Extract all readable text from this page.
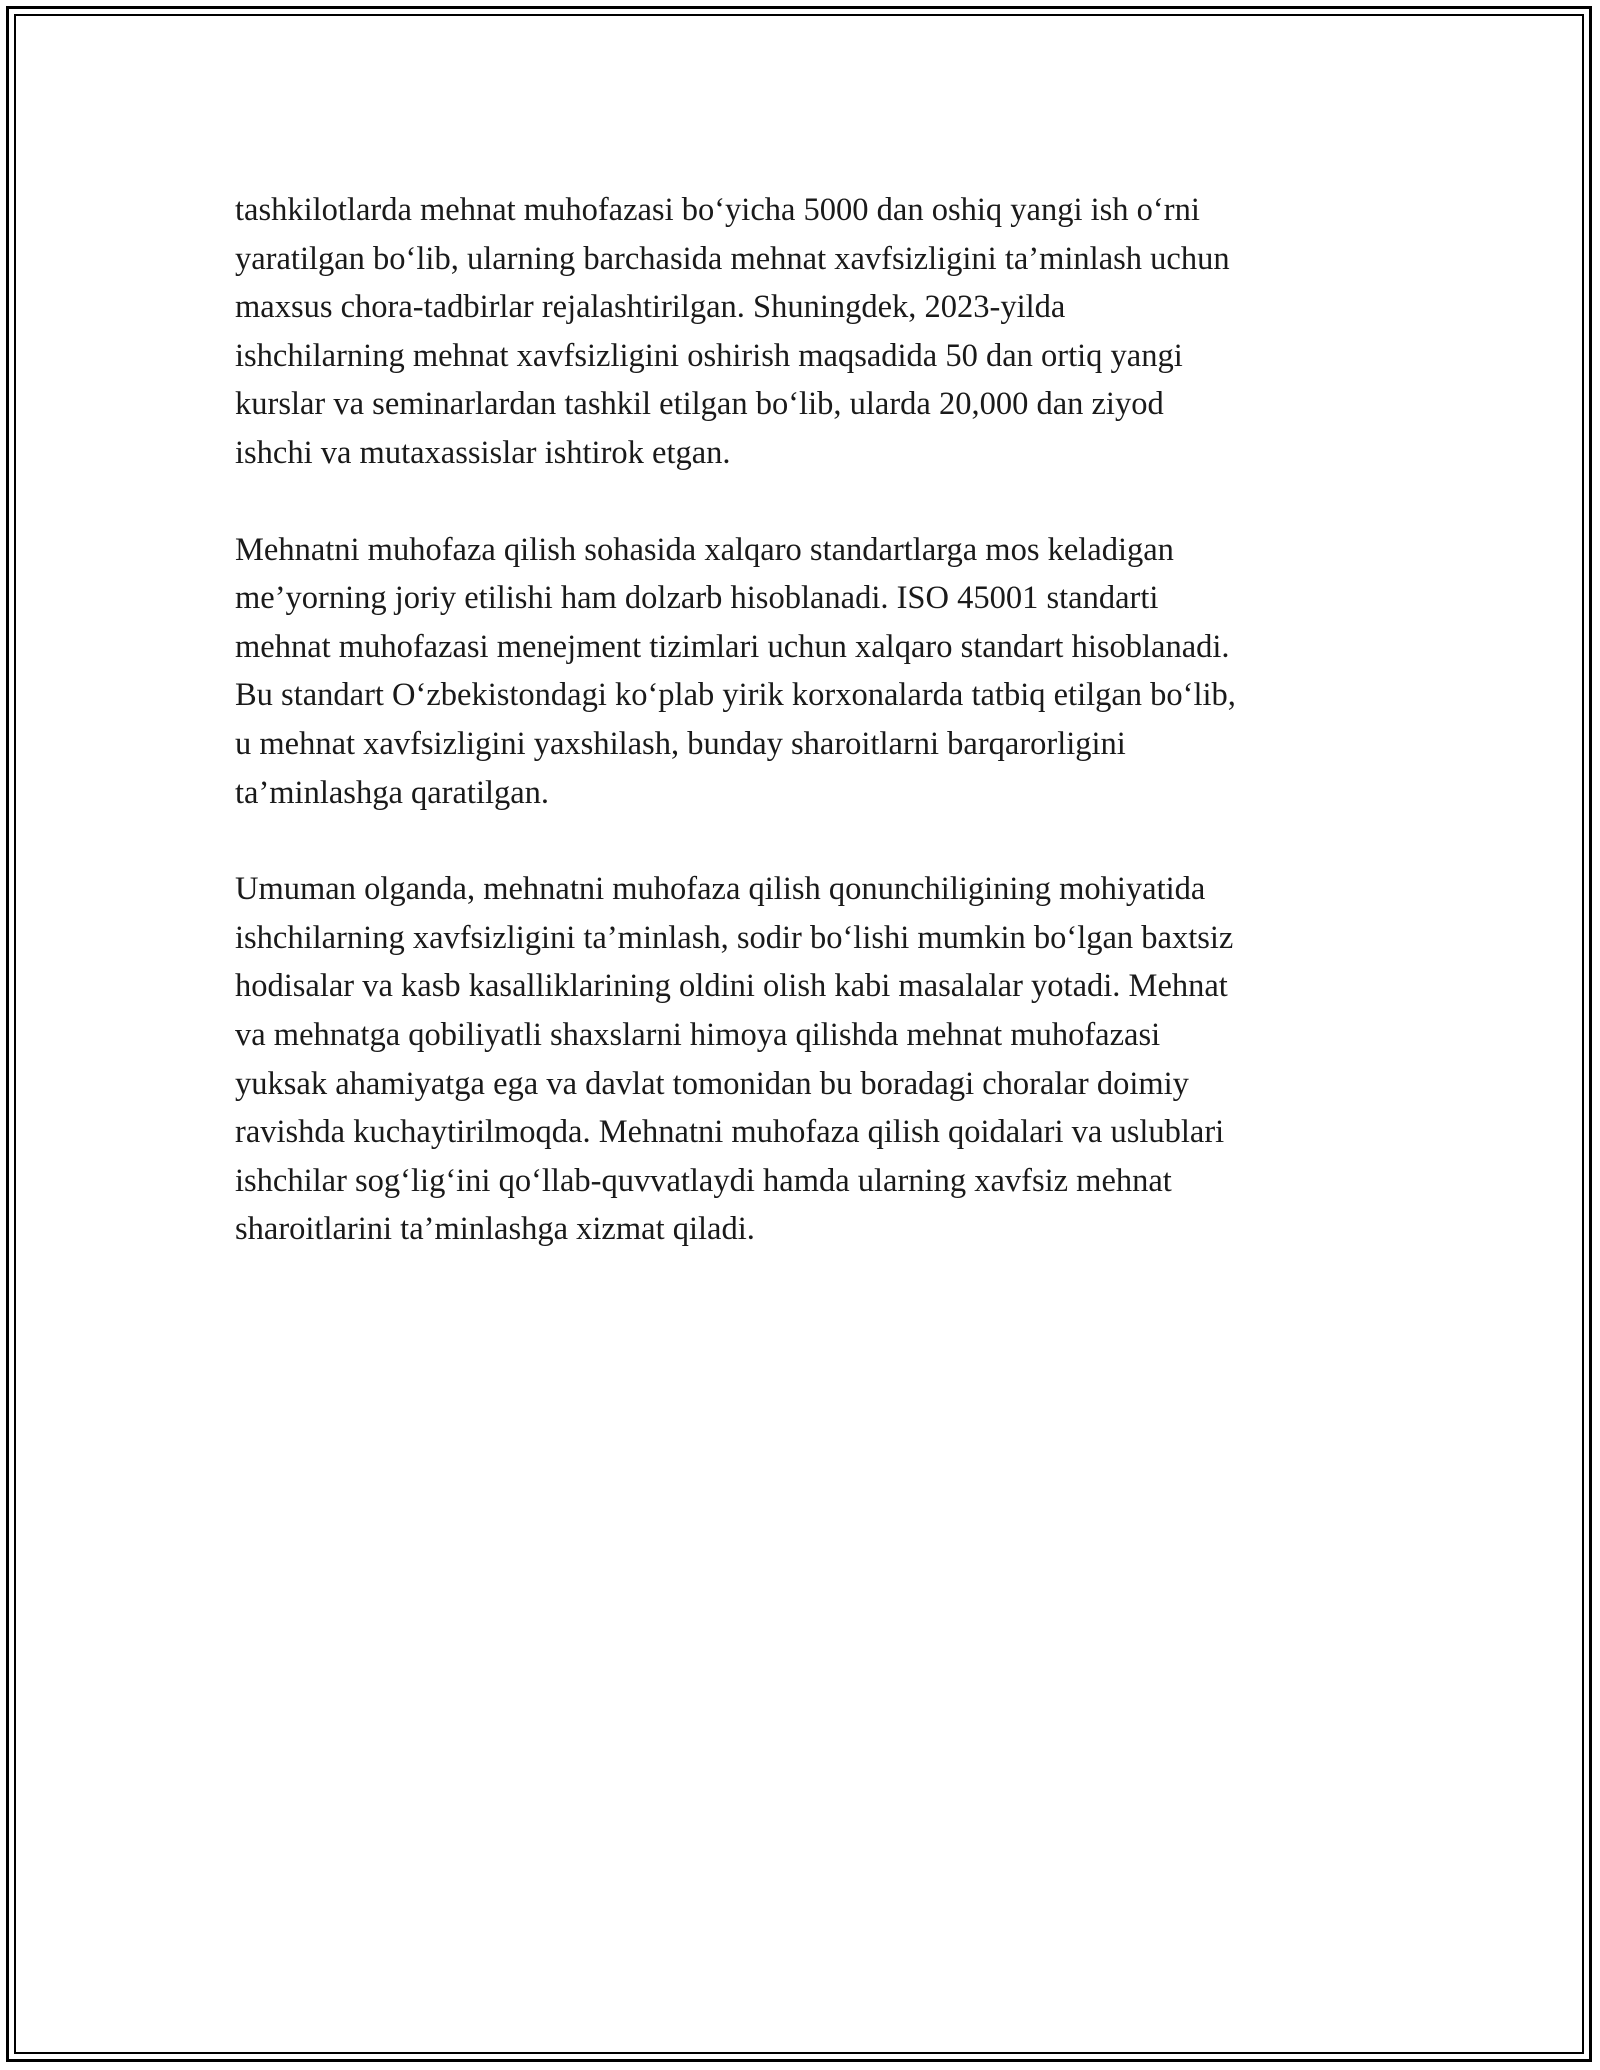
tashkilotlarda mehnat muhofazasi bo‘yicha 5000 dan oshiq yangi ish o‘rni
yaratilgan bo‘lib, ularning barchasida mehnat xavfsizligini ta’minlash uchun
maxsus chora-tadbirlar rejalashtirilgan. Shuningdek, 2023-yilda
ishchilarning mehnat xavfsizligini oshirish maqsadida 50 dan ortiq yangi
kurslar va seminarlardan tashkil etilgan bo‘lib, ularda 20,000 dan ziyod
ishchi va mutaxassislar ishtirok etgan.

Mehnatni muhofaza qilish sohasida xalqaro standartlarga mos keladigan
me’yorning joriy etilishi ham dolzarb hisoblanadi. ISO 45001 standarti
mehnat muhofazasi menejment tizimlari uchun xalqaro standart hisoblanadi.
Bu standart O‘zbekistondagi ko‘plab yirik korxonalarda tatbiq etilgan bo‘lib,
u mehnat xavfsizligini yaxshilash, bunday sharoitlarni barqarorligini
ta’minlashga qaratilgan.

Umuman olganda, mehnatni muhofaza qilish qonunchiligining mohiyatida
ishchilarning xavfsizligini ta’minlash, sodir bo‘lishi mumkin bo‘lgan baxtsiz
hodisalar va kasb kasalliklarining oldini olish kabi masalalar yotadi. Mehnat
va mehnatga qobiliyatli shaxslarni himoya qilishda mehnat muhofazasi
yuksak ahamiyatga ega va davlat tomonidan bu boradagi choralar doimiy
ravishda kuchaytirilmoqda. Mehnatni muhofaza qilish qoidalari va uslublari
ishchilar sog‘lig‘ini qo‘llab-quvvatlaydi hamda ularning xavfsiz mehnat
sharoitlarini ta’minlashga xizmat qiladi.
